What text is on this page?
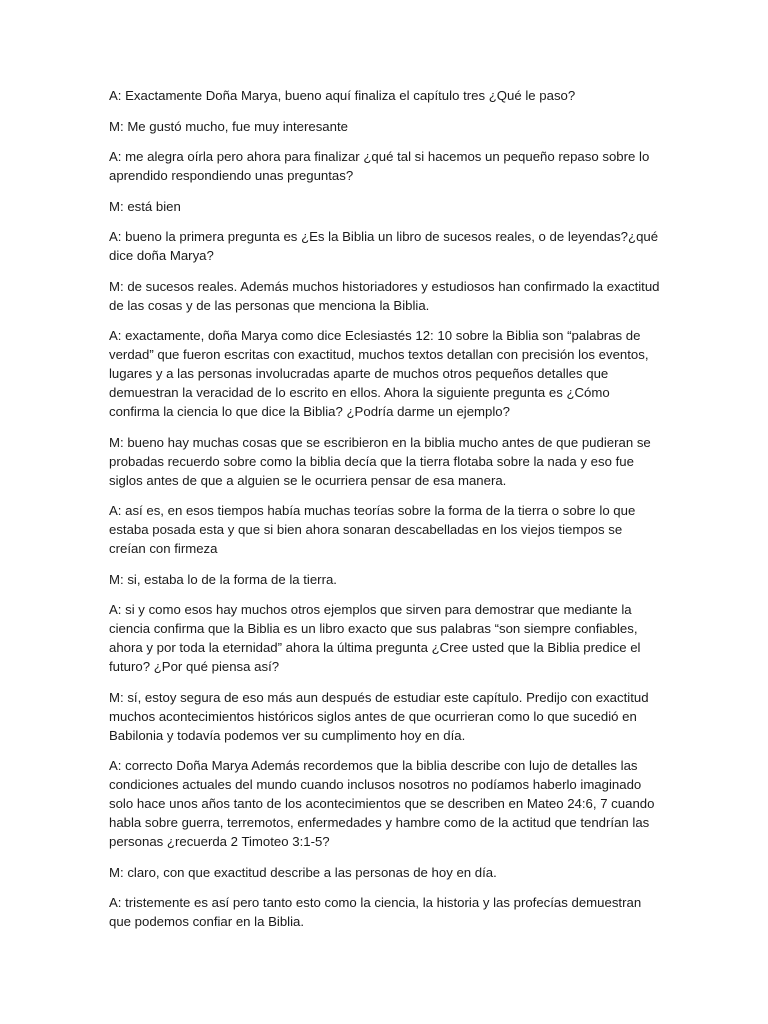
A: Exactamente Doña Marya, bueno aquí finaliza el capítulo tres ¿Qué le paso?

M: Me gustó mucho, fue muy interesante

A: me alegra oírla pero ahora para finalizar ¿qué tal si hacemos un pequeño repaso sobre lo aprendido respondiendo unas preguntas?

M: está bien

A: bueno la primera pregunta es ¿Es la Biblia un libro de sucesos reales, o de leyendas?¿qué dice doña Marya?

M: de sucesos reales. Además muchos historiadores y estudiosos han confirmado la exactitud de las cosas y de las personas que menciona la Biblia.

A: exactamente, doña Marya como dice Eclesiastés 12: 10 sobre la Biblia son “palabras de verdad” que fueron escritas con exactitud, muchos textos detallan con precisión los eventos, lugares y a las personas involucradas aparte de muchos otros pequeños detalles que demuestran la veracidad de lo escrito en ellos. Ahora la siguiente pregunta es ¿Cómo confirma la ciencia lo que dice la Biblia? ¿Podría darme un ejemplo?

M: bueno hay muchas cosas que se escribieron en la biblia mucho antes de que pudieran se probadas recuerdo sobre como la biblia decía que la tierra flotaba sobre la nada y eso fue siglos antes de que a alguien se le ocurriera pensar de esa manera.

A: así es, en esos tiempos había muchas teorías sobre la forma de la tierra o sobre lo que estaba posada esta y que si bien ahora sonaran descabelladas en los viejos tiempos se creían con firmeza

M: si, estaba lo de la forma de la tierra.

A: si y como esos hay muchos otros ejemplos que sirven para demostrar que mediante la ciencia confirma que la Biblia es un libro exacto que sus palabras “son siempre confiables, ahora y por toda la eternidad” ahora la última pregunta ¿Cree usted que la Biblia predice el futuro? ¿Por qué piensa así?

M: sí, estoy segura de eso más aun después de estudiar este capítulo. Predijo con exactitud muchos acontecimientos históricos siglos antes de que ocurrieran como lo que sucedió en Babilonia y todavía podemos ver su cumplimento hoy en día.

A: correcto Doña Marya Además recordemos que la biblia describe con lujo de detalles las condiciones actuales del mundo cuando inclusos nosotros no podíamos haberlo imaginado solo hace unos años tanto de los acontecimientos que se describen en Mateo 24:6, 7 cuando habla sobre guerra, terremotos, enfermedades y hambre como de la actitud que tendrían las personas ¿recuerda 2 Timoteo 3:1-5?

M: claro, con que exactitud describe a las personas de hoy en día.

A: tristemente es así pero tanto esto como la ciencia, la historia y las profecías demuestran que podemos confiar en la Biblia.
